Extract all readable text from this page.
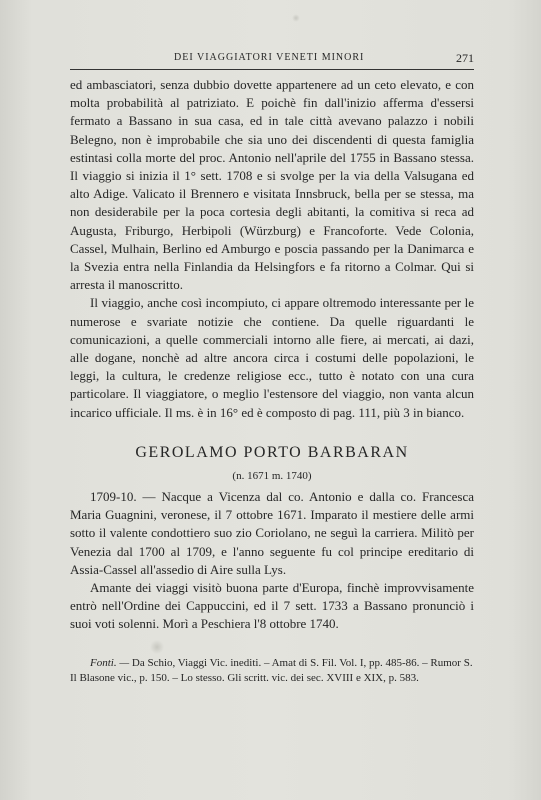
DEI VIAGGIATORI VENETI MINORI	271

ed ambasciatori, senza dubbio dovette appartenere ad un ceto elevato, e con molta probabilità al patriziato. E poichè fin dall'inizio afferma d'essersi fermato a Bassano in sua casa, ed in tale città avevano palazzo i nobili Belegno, non è improbabile che sia uno dei discendenti di questa famiglia estintasi colla morte del proc. Antonio nell'aprile del 1755 in Bassano stessa. Il viaggio si inizia il 1° sett. 1708 e si svolge per la via della Valsugana ed alto Adige. Valicato il Brennero e visitata Innsbruck, bella per se stessa, ma non desiderabile per la poca cortesia degli abitanti, la comitiva si reca ad Augusta, Friburgo, Herbipoli (Würzburg) e Francoforte. Vede Colonia, Cassel, Mulhain, Berlino ed Amburgo e poscia passando per la Danimarca e la Svezia entra nella Finlandia da Helsingfors e fa ritorno a Colmar. Qui si arresta il manoscritto.

Il viaggio, anche così incompiuto, ci appare oltremodo interessante per le numerose e svariate notizie che contiene. Da quelle riguardanti le comunicazioni, a quelle commerciali intorno alle fiere, ai mercati, ai dazi, alle dogane, nonchè ad altre ancora circa i costumi delle popolazioni, le leggi, la cultura, le credenze religiose ecc., tutto è notato con una cura particolare. Il viaggiatore, o meglio l'estensore del viaggio, non vanta alcun incarico ufficiale. Il ms. è in 16° ed è composto di pag. 111, più 3 in bianco.

GEROLAMO PORTO BARBARAN
(n. 1671 m. 1740)

1709-10. — Nacque a Vicenza dal co. Antonio e dalla co. Francesca Maria Guagnini, veronese, il 7 ottobre 1671. Imparato il mestiere delle armi sotto il valente condottiero suo zio Coriolano, ne seguì la carriera. Militò per Venezia dal 1700 al 1709, e l'anno seguente fu col principe ereditario di Assia-Cassel all'assedio di Aire sulla Lys.

Amante dei viaggi visitò buona parte d'Europa, finchè improvvisamente entrò nell'Ordine dei Cappuccini, ed il 7 sett. 1733 a Bassano pronunciò i suoi voti solenni. Morì a Peschiera l'8 ottobre 1740.

Fonti. — Da Schio, Viaggi Vic. inediti. – Amat di S. Fil. Vol. I, pp. 485-86. – Rumor S. Il Blasone vic., p. 150. – Lo stesso. Gli scritt. vic. dei sec. XVIII e XIX, p. 583.
